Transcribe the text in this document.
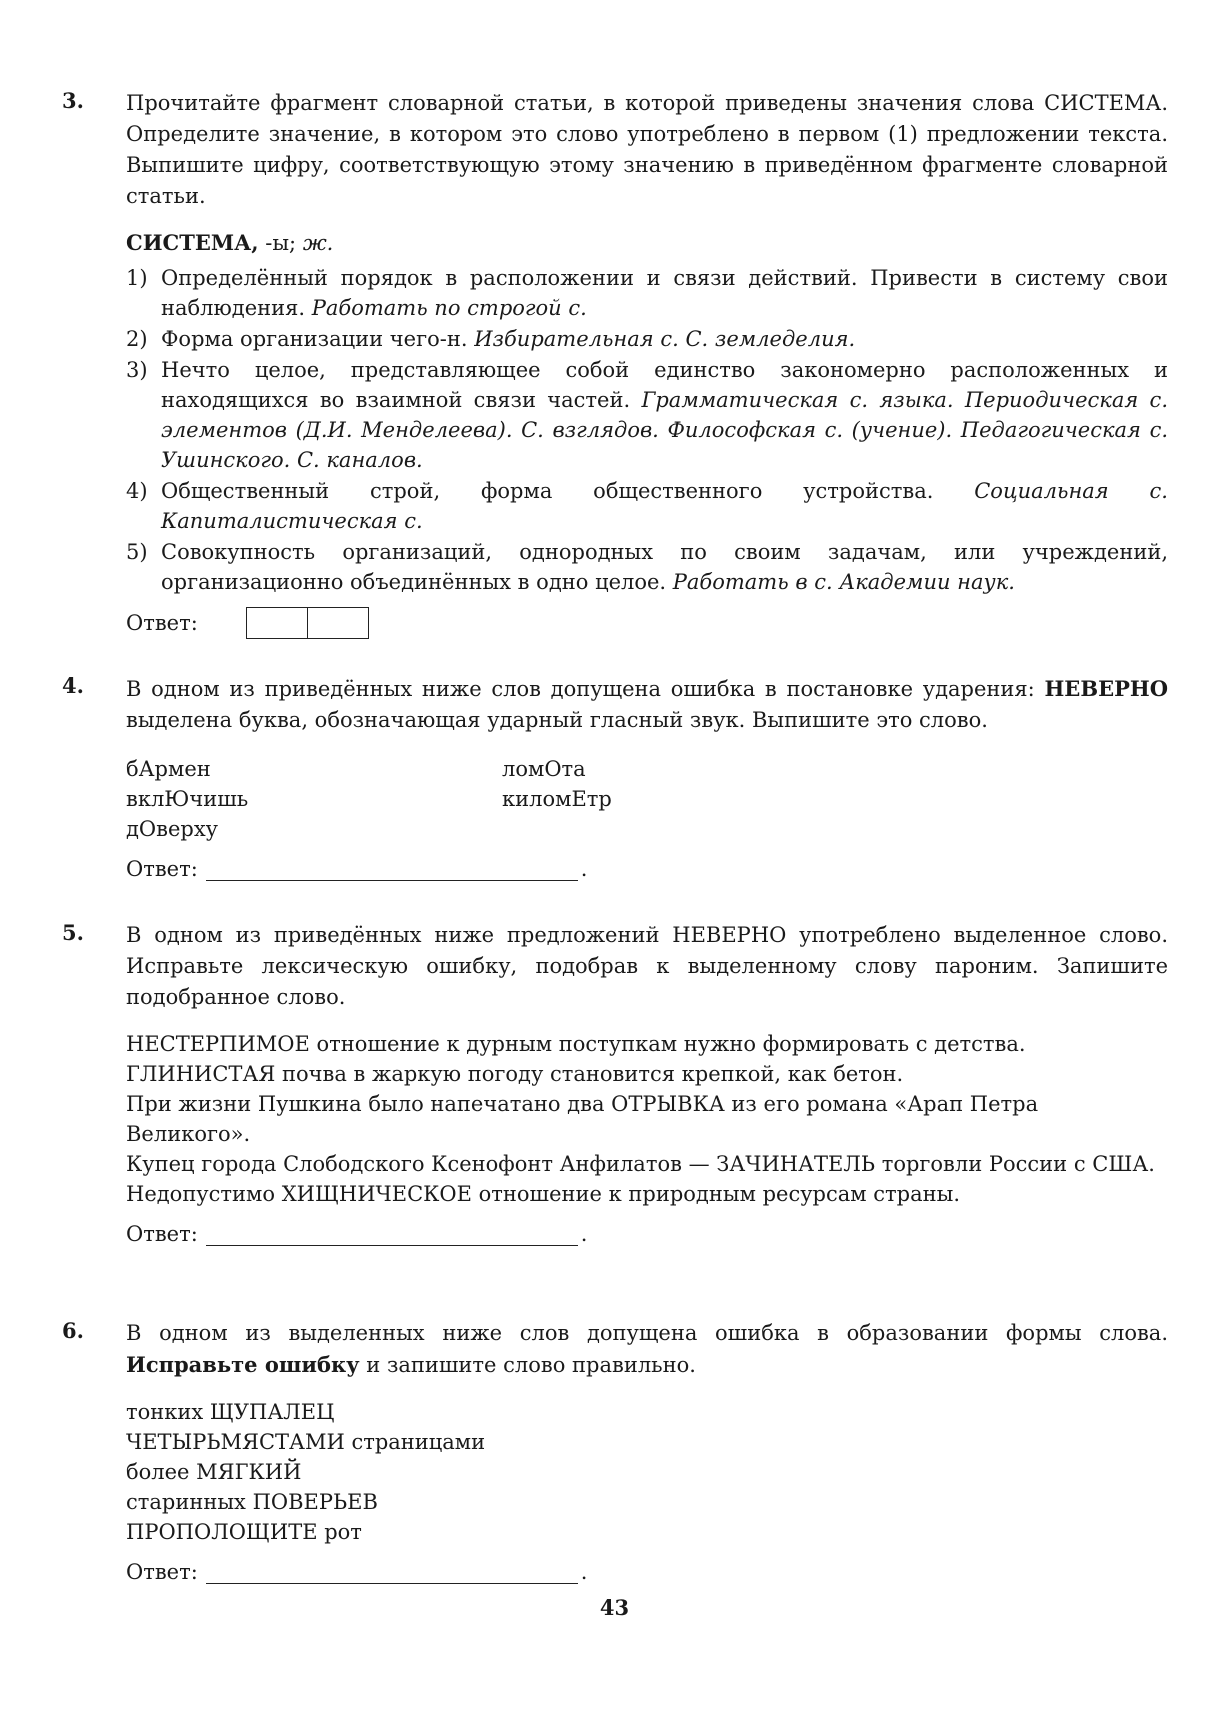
3.	Прочитайте фрагмент словарной статьи, в которой приведены значения слова СИСТЕМА. Определите значение, в котором это слово употреблено в первом (1) предложении текста. Выпишите цифру, соответствующую этому значению в приведённом фрагменте словарной статьи.

СИСТЕМА, -ы; ж.
1) Определённый порядок в расположении и связи действий. Привести в систему свои наблюдения. Работать по строгой с.
2) Форма организации чего-н. Избирательная с. С. земледелия.
3) Нечто целое, представляющее собой единство закономерно расположенных и находящихся во взаимной связи частей. Грамматическая с. языка. Периодическая с. элементов (Д.И. Менделеева). С. взглядов. Философская с. (учение). Педагогическая с. Ушинского. С. каналов.
4) Общественный строй, форма общественного устройства. Социальная с. Капиталистическая с.
5) Совокупность организаций, однородных по своим задачам, или учреждений, организационно объединённых в одно целое. Работать в с. Академии наук.
Ответ:
4.	В одном из приведённых ниже слов допущена ошибка в постановке ударения: НЕВЕРНО выделена буква, обозначающая ударный гласный звук. Выпишите это слово.

бАрмен
вклЮчишь
дОверху
ломОта
киломЕтр
Ответ:	.
5.	В одном из приведённых ниже предложений НЕВЕРНО употреблено выделенное слово. Исправьте лексическую ошибку, подобрав к выделенному слову пароним. Запишите подобранное слово.

НЕСТЕРПИМОЕ отношение к дурным поступкам нужно формировать с детства.
ГЛИНИСТАЯ почва в жаркую погоду становится крепкой, как бетон.
При жизни Пушкина было напечатано два ОТРЫВКА из его романа «Арап Петра Великого».
Купец города Слободского Ксенофонт Анфилатов — ЗАЧИНАТЕЛЬ торговли России с США.
Недопустимо ХИЩНИЧЕСКОЕ отношение к природным ресурсам страны.
Ответ:	.
6.	В одном из выделенных ниже слов допущена ошибка в образовании формы слова. Исправьте ошибку и запишите слово правильно.

тонких ЩУПАЛЕЦ
ЧЕТЫРЬМЯСТАМИ страницами
более МЯГКИЙ
старинных ПОВЕРЬЕВ
ПРОПОЛОЩИТЕ рот
Ответ:	.
43
